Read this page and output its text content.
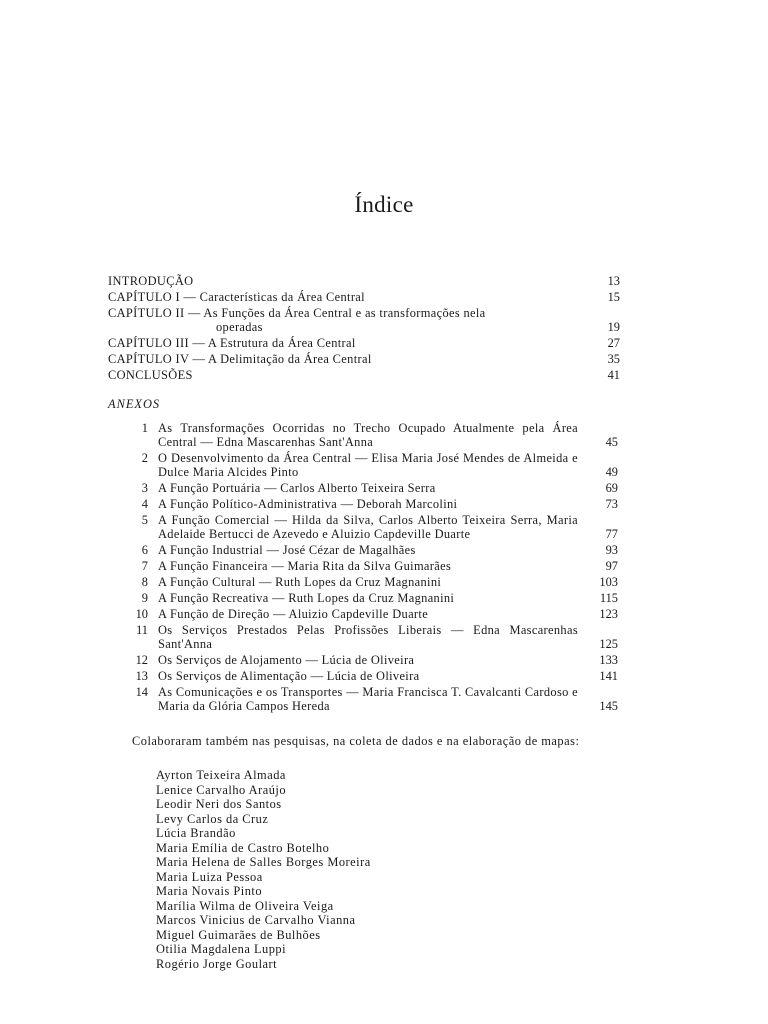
Índice
INTRODUÇÃO	13
CAPÍTULO I — Características da Área Central	15
CAPÍTULO II — As Funções da Área Central e as transformações nela
operadas	19
CAPÍTULO III — A Estrutura da Área Central	27
CAPÍTULO IV — A Delimitação da Área Central	35
CONCLUSÕES	41
ANEXOS
1 As Transformações Ocorridas no Trecho Ocupado Atualmente pela Área Central — Edna Mascarenhas Sant'Anna	45
2 O Desenvolvimento da Área Central — Elisa Maria José Mendes de Almeida e Dulce Maria Alcides Pinto	49
3 A Função Portuária — Carlos Alberto Teixeira Serra	69
4 A Função Político-Administrativa — Deborah Marcolini	73
5 A Função Comercial — Hilda da Silva, Carlos Alberto Teixeira Serra, Maria Adelaide Bertucci de Azevedo e Aluizio Capdeville Duarte	77
6 A Função Industrial — José Cézar de Magalhães	93
7 A Função Financeira — Maria Rita da Silva Guimarães	97
8 A Função Cultural — Ruth Lopes da Cruz Magnanini	103
9 A Função Recreativa — Ruth Lopes da Cruz Magnanini	115
10 A Função de Direção — Aluizio Capdeville Duarte	123
11 Os Serviços Prestados Pelas Profissões Liberais — Edna Mascarenhas Sant'Anna	125
12 Os Serviços de Alojamento — Lúcia de Oliveira	133
13 Os Serviços de Alimentação — Lúcia de Oliveira	141
14 As Comunicações e os Transportes — Maria Francisca T. Cavalcanti Cardoso e Maria da Glória Campos Hereda	145
Colaboraram também nas pesquisas, na coleta de dados e na elaboração de mapas:
Ayrton Teixeira Almada
Lenice Carvalho Araújo
Leodir Neri dos Santos
Levy Carlos da Cruz
Lúcia Brandão
Maria Emília de Castro Botelho
Maria Helena de Salles Borges Moreira
Maria Luiza Pessoa
Maria Novais Pinto
Marília Wilma de Oliveira Veiga
Marcos Vinicius de Carvalho Vianna
Miguel Guimarães de Bulhões
Otilia Magdalena Luppi
Rogério Jorge Goulart
